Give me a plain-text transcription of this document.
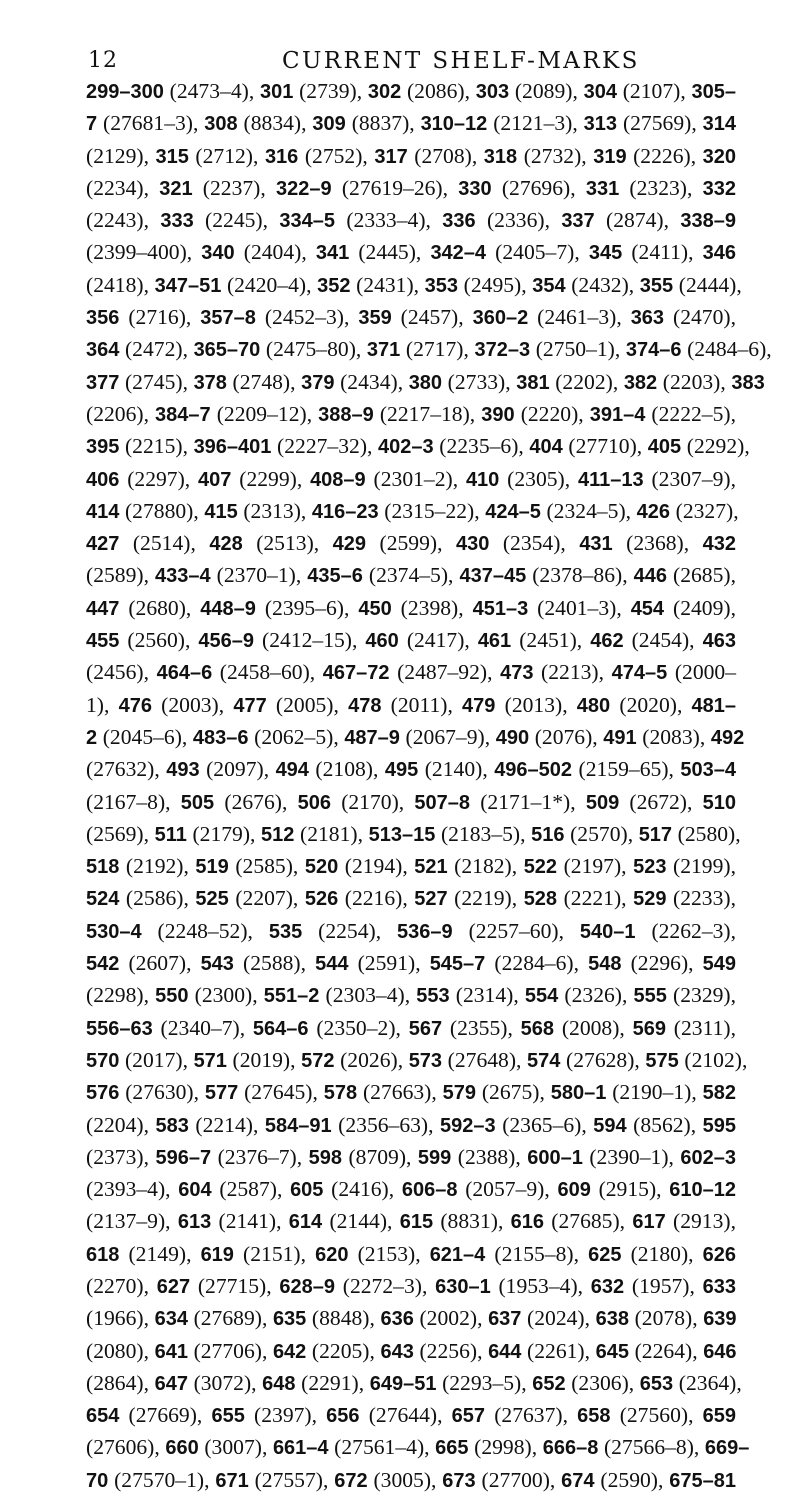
12	CURRENT SHELF-MARKS
299–300 (2473–4), 301 (2739), 302 (2086), 303 (2089), 304 (2107), 305–
7 (27681–3), 308 (8834), 309 (8837), 310–12 (2121–3), 313 (27569), 314
(2129), 315 (2712), 316 (2752), 317 (2708), 318 (2732), 319 (2226), 320
(2234), 321 (2237), 322–9 (27619–26), 330 (27696), 331 (2323), 332
(2243), 333 (2245), 334–5 (2333–4), 336 (2336), 337 (2874), 338–9
(2399–400), 340 (2404), 341 (2445), 342–4 (2405–7), 345 (2411), 346
(2418), 347–51 (2420–4), 352 (2431), 353 (2495), 354 (2432), 355 (2444),
356 (2716), 357–8 (2452–3), 359 (2457), 360–2 (2461–3), 363 (2470),
364 (2472), 365–70 (2475–80), 371 (2717), 372–3 (2750–1), 374–6 (2484–6),
377 (2745), 378 (2748), 379 (2434), 380 (2733), 381 (2202), 382 (2203), 383
(2206), 384–7 (2209–12), 388–9 (2217–18), 390 (2220), 391–4 (2222–5),
395 (2215), 396–401 (2227–32), 402–3 (2235–6), 404 (27710), 405 (2292),
406 (2297), 407 (2299), 408–9 (2301–2), 410 (2305), 411–13 (2307–9),
414 (27880), 415 (2313), 416–23 (2315–22), 424–5 (2324–5), 426 (2327),
427 (2514), 428 (2513), 429 (2599), 430 (2354), 431 (2368), 432
(2589), 433–4 (2370–1), 435–6 (2374–5), 437–45 (2378–86), 446 (2685),
447 (2680), 448–9 (2395–6), 450 (2398), 451–3 (2401–3), 454 (2409),
455 (2560), 456–9 (2412–15), 460 (2417), 461 (2451), 462 (2454), 463
(2456), 464–6 (2458–60), 467–72 (2487–92), 473 (2213), 474–5 (2000–
1), 476 (2003), 477 (2005), 478 (2011), 479 (2013), 480 (2020), 481–
2 (2045–6), 483–6 (2062–5), 487–9 (2067–9), 490 (2076), 491 (2083), 492
(27632), 493 (2097), 494 (2108), 495 (2140), 496–502 (2159–65), 503–4
(2167–8), 505 (2676), 506 (2170), 507–8 (2171–1*), 509 (2672), 510
(2569), 511 (2179), 512 (2181), 513–15 (2183–5), 516 (2570), 517 (2580),
518 (2192), 519 (2585), 520 (2194), 521 (2182), 522 (2197), 523 (2199),
524 (2586), 525 (2207), 526 (2216), 527 (2219), 528 (2221), 529 (2233),
530–4 (2248–52), 535 (2254), 536–9 (2257–60), 540–1 (2262–3),
542 (2607), 543 (2588), 544 (2591), 545–7 (2284–6), 548 (2296), 549
(2298), 550 (2300), 551–2 (2303–4), 553 (2314), 554 (2326), 555 (2329),
556–63 (2340–7), 564–6 (2350–2), 567 (2355), 568 (2008), 569 (2311),
570 (2017), 571 (2019), 572 (2026), 573 (27648), 574 (27628), 575 (2102),
576 (27630), 577 (27645), 578 (27663), 579 (2675), 580–1 (2190–1), 582
(2204), 583 (2214), 584–91 (2356–63), 592–3 (2365–6), 594 (8562), 595
(2373), 596–7 (2376–7), 598 (8709), 599 (2388), 600–1 (2390–1), 602–3
(2393–4), 604 (2587), 605 (2416), 606–8 (2057–9), 609 (2915), 610–12
(2137–9), 613 (2141), 614 (2144), 615 (8831), 616 (27685), 617 (2913),
618 (2149), 619 (2151), 620 (2153), 621–4 (2155–8), 625 (2180), 626
(2270), 627 (27715), 628–9 (2272–3), 630–1 (1953–4), 632 (1957), 633
(1966), 634 (27689), 635 (8848), 636 (2002), 637 (2024), 638 (2078), 639
(2080), 641 (27706), 642 (2205), 643 (2256), 644 (2261), 645 (2264), 646
(2864), 647 (3072), 648 (2291), 649–51 (2293–5), 652 (2306), 653 (2364),
654 (27669), 655 (2397), 656 (27644), 657 (27637), 658 (27560), 659
(27606), 660 (3007), 661–4 (27561–4), 665 (2998), 666–8 (27566–8), 669–
70 (27570–1), 671 (27557), 672 (3005), 673 (27700), 674 (2590), 675–81
